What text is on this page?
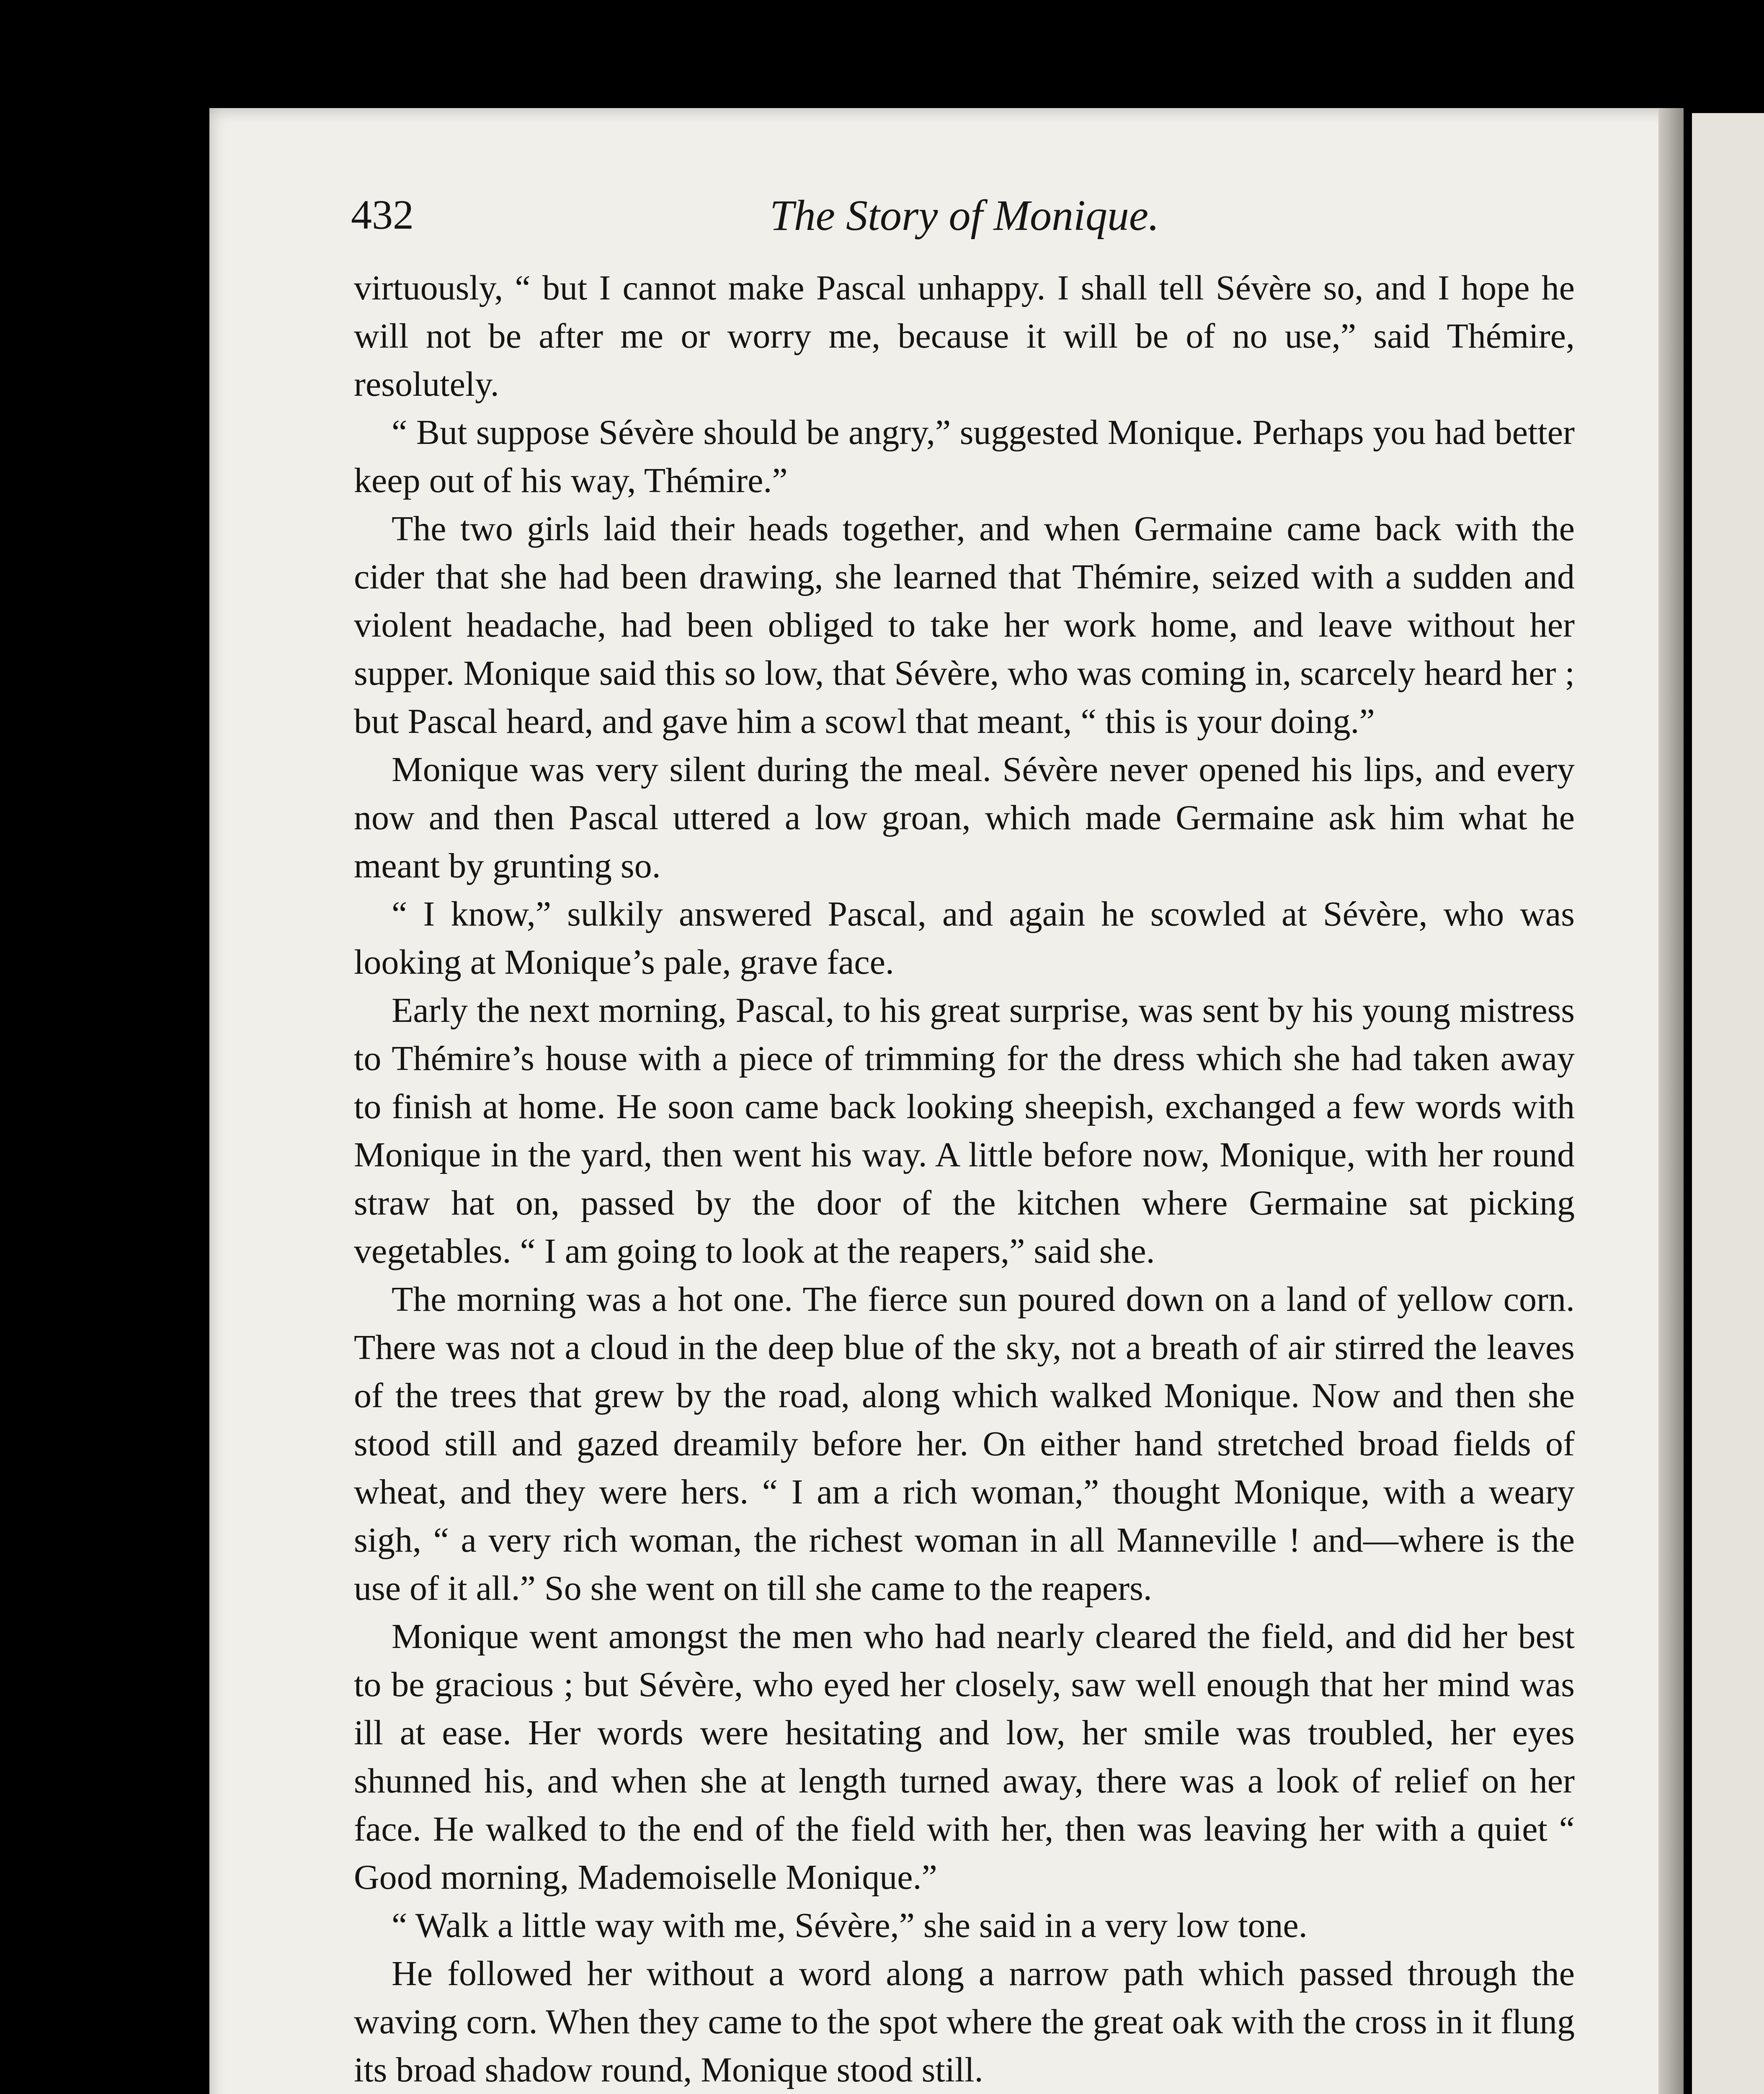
432	The Story of Monique.

virtuously, “ but I cannot make Pascal unhappy. I shall tell Sévère so, and I hope he will not be after me or worry me, because it will be of no use,” said Thémire, resolutely.

“ But suppose Sévère should be angry,” suggested Monique. Perhaps you had better keep out of his way, Thémire.”

The two girls laid their heads together, and when Germaine came back with the cider that she had been drawing, she learned that Thémire, seized with a sudden and violent headache, had been obliged to take her work home, and leave without her supper. Monique said this so low, that Sévère, who was coming in, scarcely heard her ; but Pascal heard, and gave him a scowl that meant, “ this is your doing.”

Monique was very silent during the meal. Sévère never opened his lips, and every now and then Pascal uttered a low groan, which made Germaine ask him what he meant by grunting so.

“ I know,” sulkily answered Pascal, and again he scowled at Sévère, who was looking at Monique’s pale, grave face.

Early the next morning, Pascal, to his great surprise, was sent by his young mistress to Thémire’s house with a piece of trimming for the dress which she had taken away to finish at home. He soon came back looking sheepish, exchanged a few words with Monique in the yard, then went his way. A little before now, Monique, with her round straw hat on, passed by the door of the kitchen where Germaine sat picking vegetables. “ I am going to look at the reapers,” said she.

The morning was a hot one. The fierce sun poured down on a land of yellow corn. There was not a cloud in the deep blue of the sky, not a breath of air stirred the leaves of the trees that grew by the road, along which walked Monique. Now and then she stood still and gazed dreamily before her. On either hand stretched broad fields of wheat, and they were hers. “ I am a rich woman,” thought Monique, with a weary sigh, “ a very rich woman, the richest woman in all Manneville ! and—where is the use of it all.” So she went on till she came to the reapers.

Monique went amongst the men who had nearly cleared the field, and did her best to be gracious ; but Sévère, who eyed her closely, saw well enough that her mind was ill at ease. Her words were hesitating and low, her smile was troubled, her eyes shunned his, and when she at length turned away, there was a look of relief on her face. He walked to the end of the field with her, then was leaving her with a quiet “ Good morning, Mademoiselle Monique.”

“ Walk a little way with me, Sévère,” she said in a very low tone.

He followed her without a word along a narrow path which passed through the waving corn. When they came to the spot where the great oak with the cross in it flung its broad shadow round, Monique stood still.
